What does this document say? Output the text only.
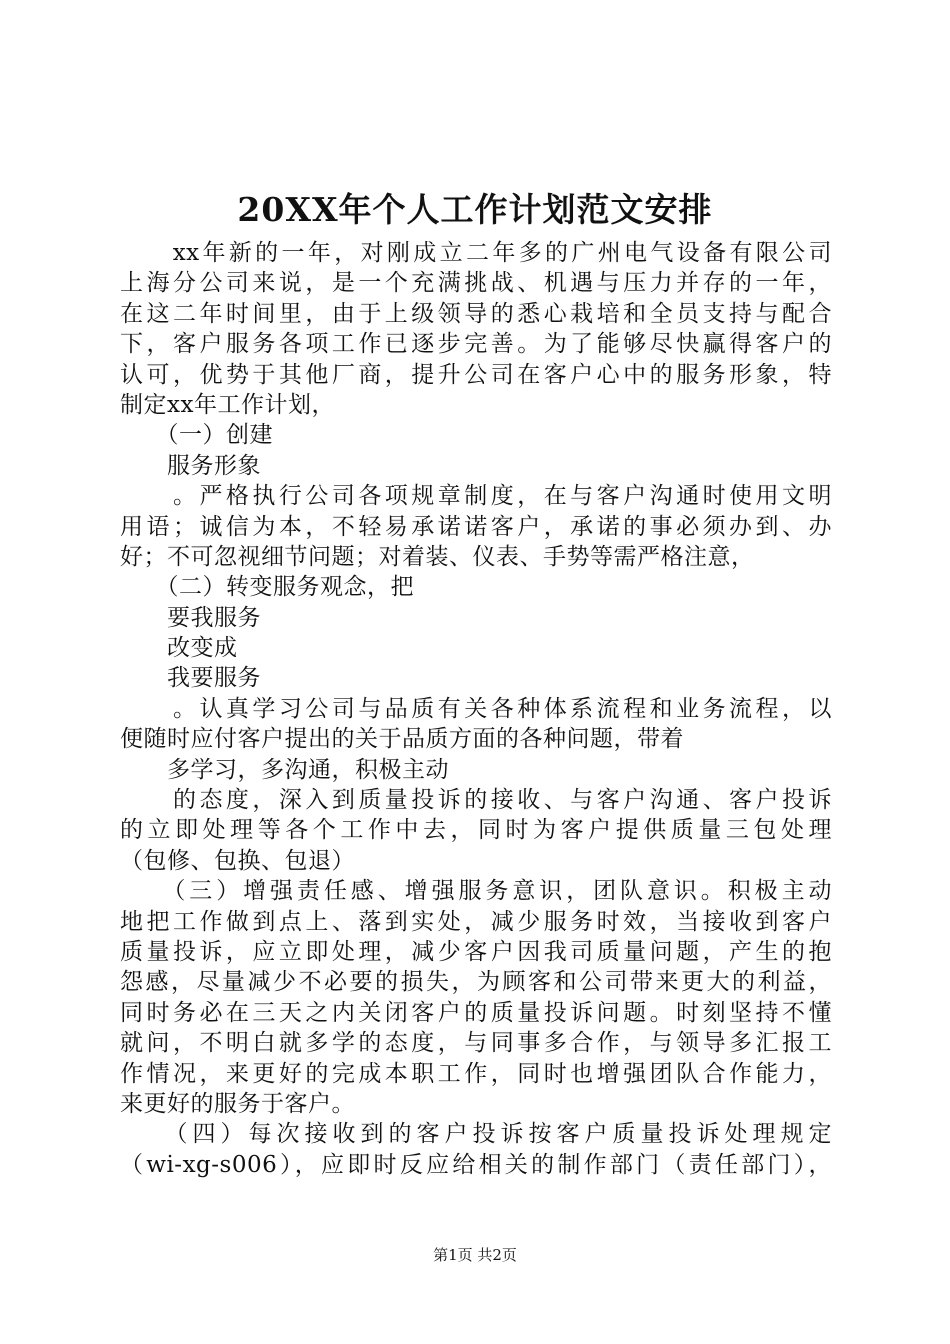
20XX年个人工作计划范文安排
　　xx年新的一年，对刚成立二年多的广州电气设备有限公司
上海分公司来说，是一个充满挑战、机遇与压力并存的一年，
在这二年时间里，由于上级领导的悉心栽培和全员支持与配合
下，客户服务各项工作已逐步完善。为了能够尽快赢得客户的
认可，优势于其他厂商，提升公司在客户心中的服务形象，特
制定xx年工作计划，
　　（一）创建
　　服务形象
　　。严格执行公司各项规章制度，在与客户沟通时使用文明
用语；诚信为本，不轻易承诺诺客户，承诺的事必须办到、办
好；不可忽视细节问题；对着装、仪表、手势等需严格注意，
　　（二）转变服务观念，把
　　要我服务
　　改变成
　　我要服务
　　。认真学习公司与品质有关各种体系流程和业务流程，以
便随时应付客户提出的关于品质方面的各种问题，带着
　　多学习，多沟通，积极主动
　　的态度，深入到质量投诉的接收、与客户沟通、客户投诉
的立即处理等各个工作中去，同时为客户提供质量三包处理
（包修、包换、包退）
　　（三）增强责任感、增强服务意识，团队意识。积极主动
地把工作做到点上、落到实处，减少服务时效，当接收到客户
质量投诉，应立即处理，减少客户因我司质量问题，产生的抱
怨感，尽量减少不必要的损失，为顾客和公司带来更大的利益，
同时务必在三天之内关闭客户的质量投诉问题。时刻坚持不懂
就问，不明白就多学的态度，与同事多合作，与领导多汇报工
作情况，来更好的完成本职工作，同时也增强团队合作能力，
来更好的服务于客户。
　　（四）每次接收到的客户投诉按客户质量投诉处理规定
（wi-xg-s006），应即时反应给相关的制作部门（责任部门），
第1页 共2页
